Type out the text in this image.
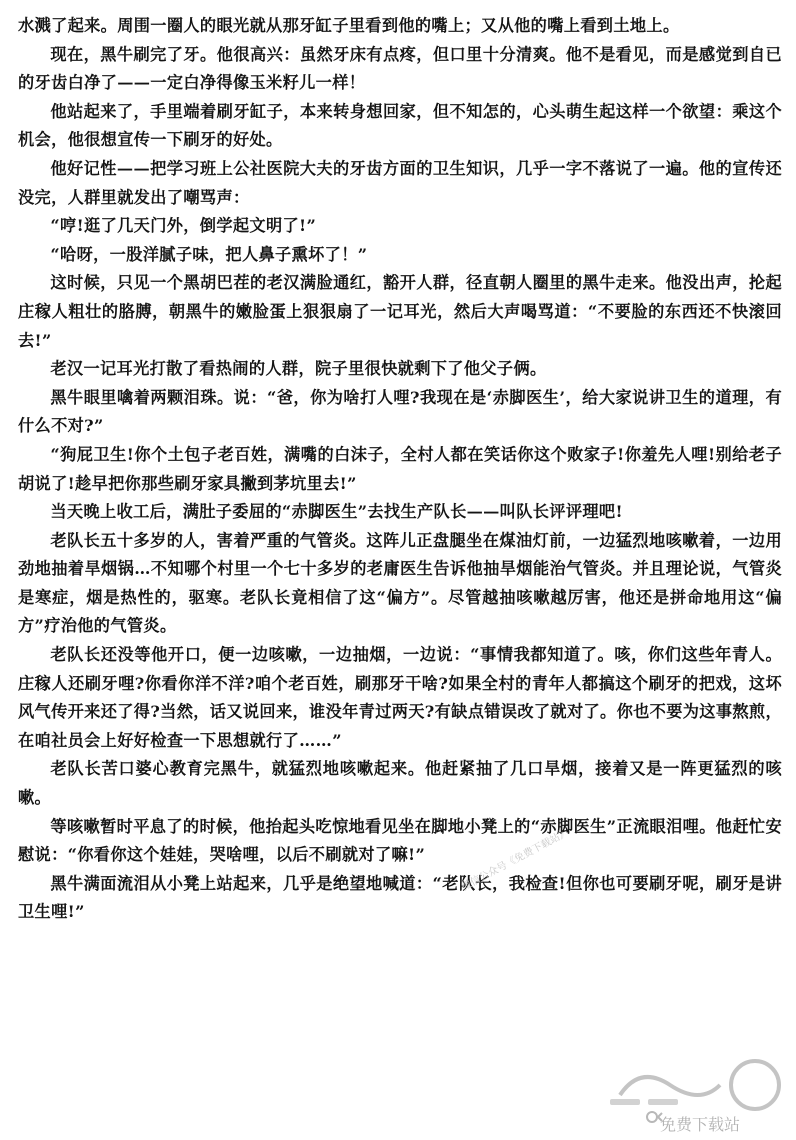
水溅了起来。周围一圈人的眼光就从那牙缸子里看到他的嘴上；又从他的嘴上看到土地上。

现在，黑牛刷完了牙。他很高兴：虽然牙床有点疼，但口里十分清爽。他不是看见，而是感觉到自已的牙齿白净了——一定白净得像玉米籽儿一样！

他站起来了，手里端着刷牙缸子，本来转身想回家，但不知怎的，心头萌生起这样一个欲望：乘这个机会，他很想宣传一下刷牙的好处。

他好记性——把学习班上公社医院大夫的牙齿方面的卫生知识，几乎一字不落说了一遍。他的宣传还没完，人群里就发出了嘲骂声：

“哼!逛了几天门外，倒学起文明了!”

“哈呀，一股洋腻子味，把人鼻子熏坏了！”

这时候，只见一个黑胡巴茬的老汉满脸通红，豁开人群，径直朝人圈里的黑牛走来。他没出声，抡起庄稼人粗壮的胳膊，朝黑牛的嫩脸蛋上狠狠扇了一记耳光，然后大声喝骂道：“不要脸的东西还不快滚回去!”

老汉一记耳光打散了看热闹的人群，院子里很快就剩下了他父子俩。

黑牛眼里噙着两颗泪珠。说：“爸，你为啥打人哩?我现在是‘赤脚医生’，给大家说讲卫生的道理，有什么不对?”

“狗屁卫生!你个土包子老百姓，满嘴的白沫子，全村人都在笑话你这个败家子!你羞先人哩!别给老子胡说了!趁早把你那些刷牙家具撇到茅坑里去!”

当天晚上收工后，满肚子委屈的“赤脚医生”去找生产队长——叫队长评评理吧!

老队长五十多岁的人，害着严重的气管炎。这阵儿正盘腿坐在煤油灯前，一边猛烈地咳嗽着，一边用劲地抽着旱烟锅…不知哪个村里一个七十多岁的老庸医生告诉他抽旱烟能治气管炎。并且理论说，气管炎是寒症，烟是热性的，驱寒。老队长竟相信了这“偏方”。尽管越抽咳嗽越厉害，他还是拼命地用这“偏方”疗治他的气管炎。

老队长还没等他开口，便一边咳嗽，一边抽烟，一边说：“事情我都知道了。咳，你们这些年青人。庄稼人还刷牙哩?你看你洋不洋?咱个老百姓，刷那牙干啥?如果全村的青年人都搞这个刷牙的把戏，这坏风气传开来还了得?当然，话又说回来，谁没年青过两天?有缺点错误改了就对了。你也不要为这事熬煎，在咱社员会上好好检查一下思想就行了……”

老队长苦口婆心教育完黑牛，就猛烈地咳嗽起来。他赶紧抽了几口旱烟，接着又是一阵更猛烈的咳嗽。

等咳嗽暂时平息了的时候，他抬起头吃惊地看见坐在脚地小凳上的“赤脚医生”正流眼泪哩。他赶忙安慰说：“你看你这个娃娃，哭啥哩，以后不刷就对了嘛!”

黑牛满面流泪从小凳上站起来，几乎是绝望地喊道：“老队长，我检查!但你也可要刷牙呢，刷牙是讲卫生哩!”

微信公众号《免费下载站》
免费下载站
